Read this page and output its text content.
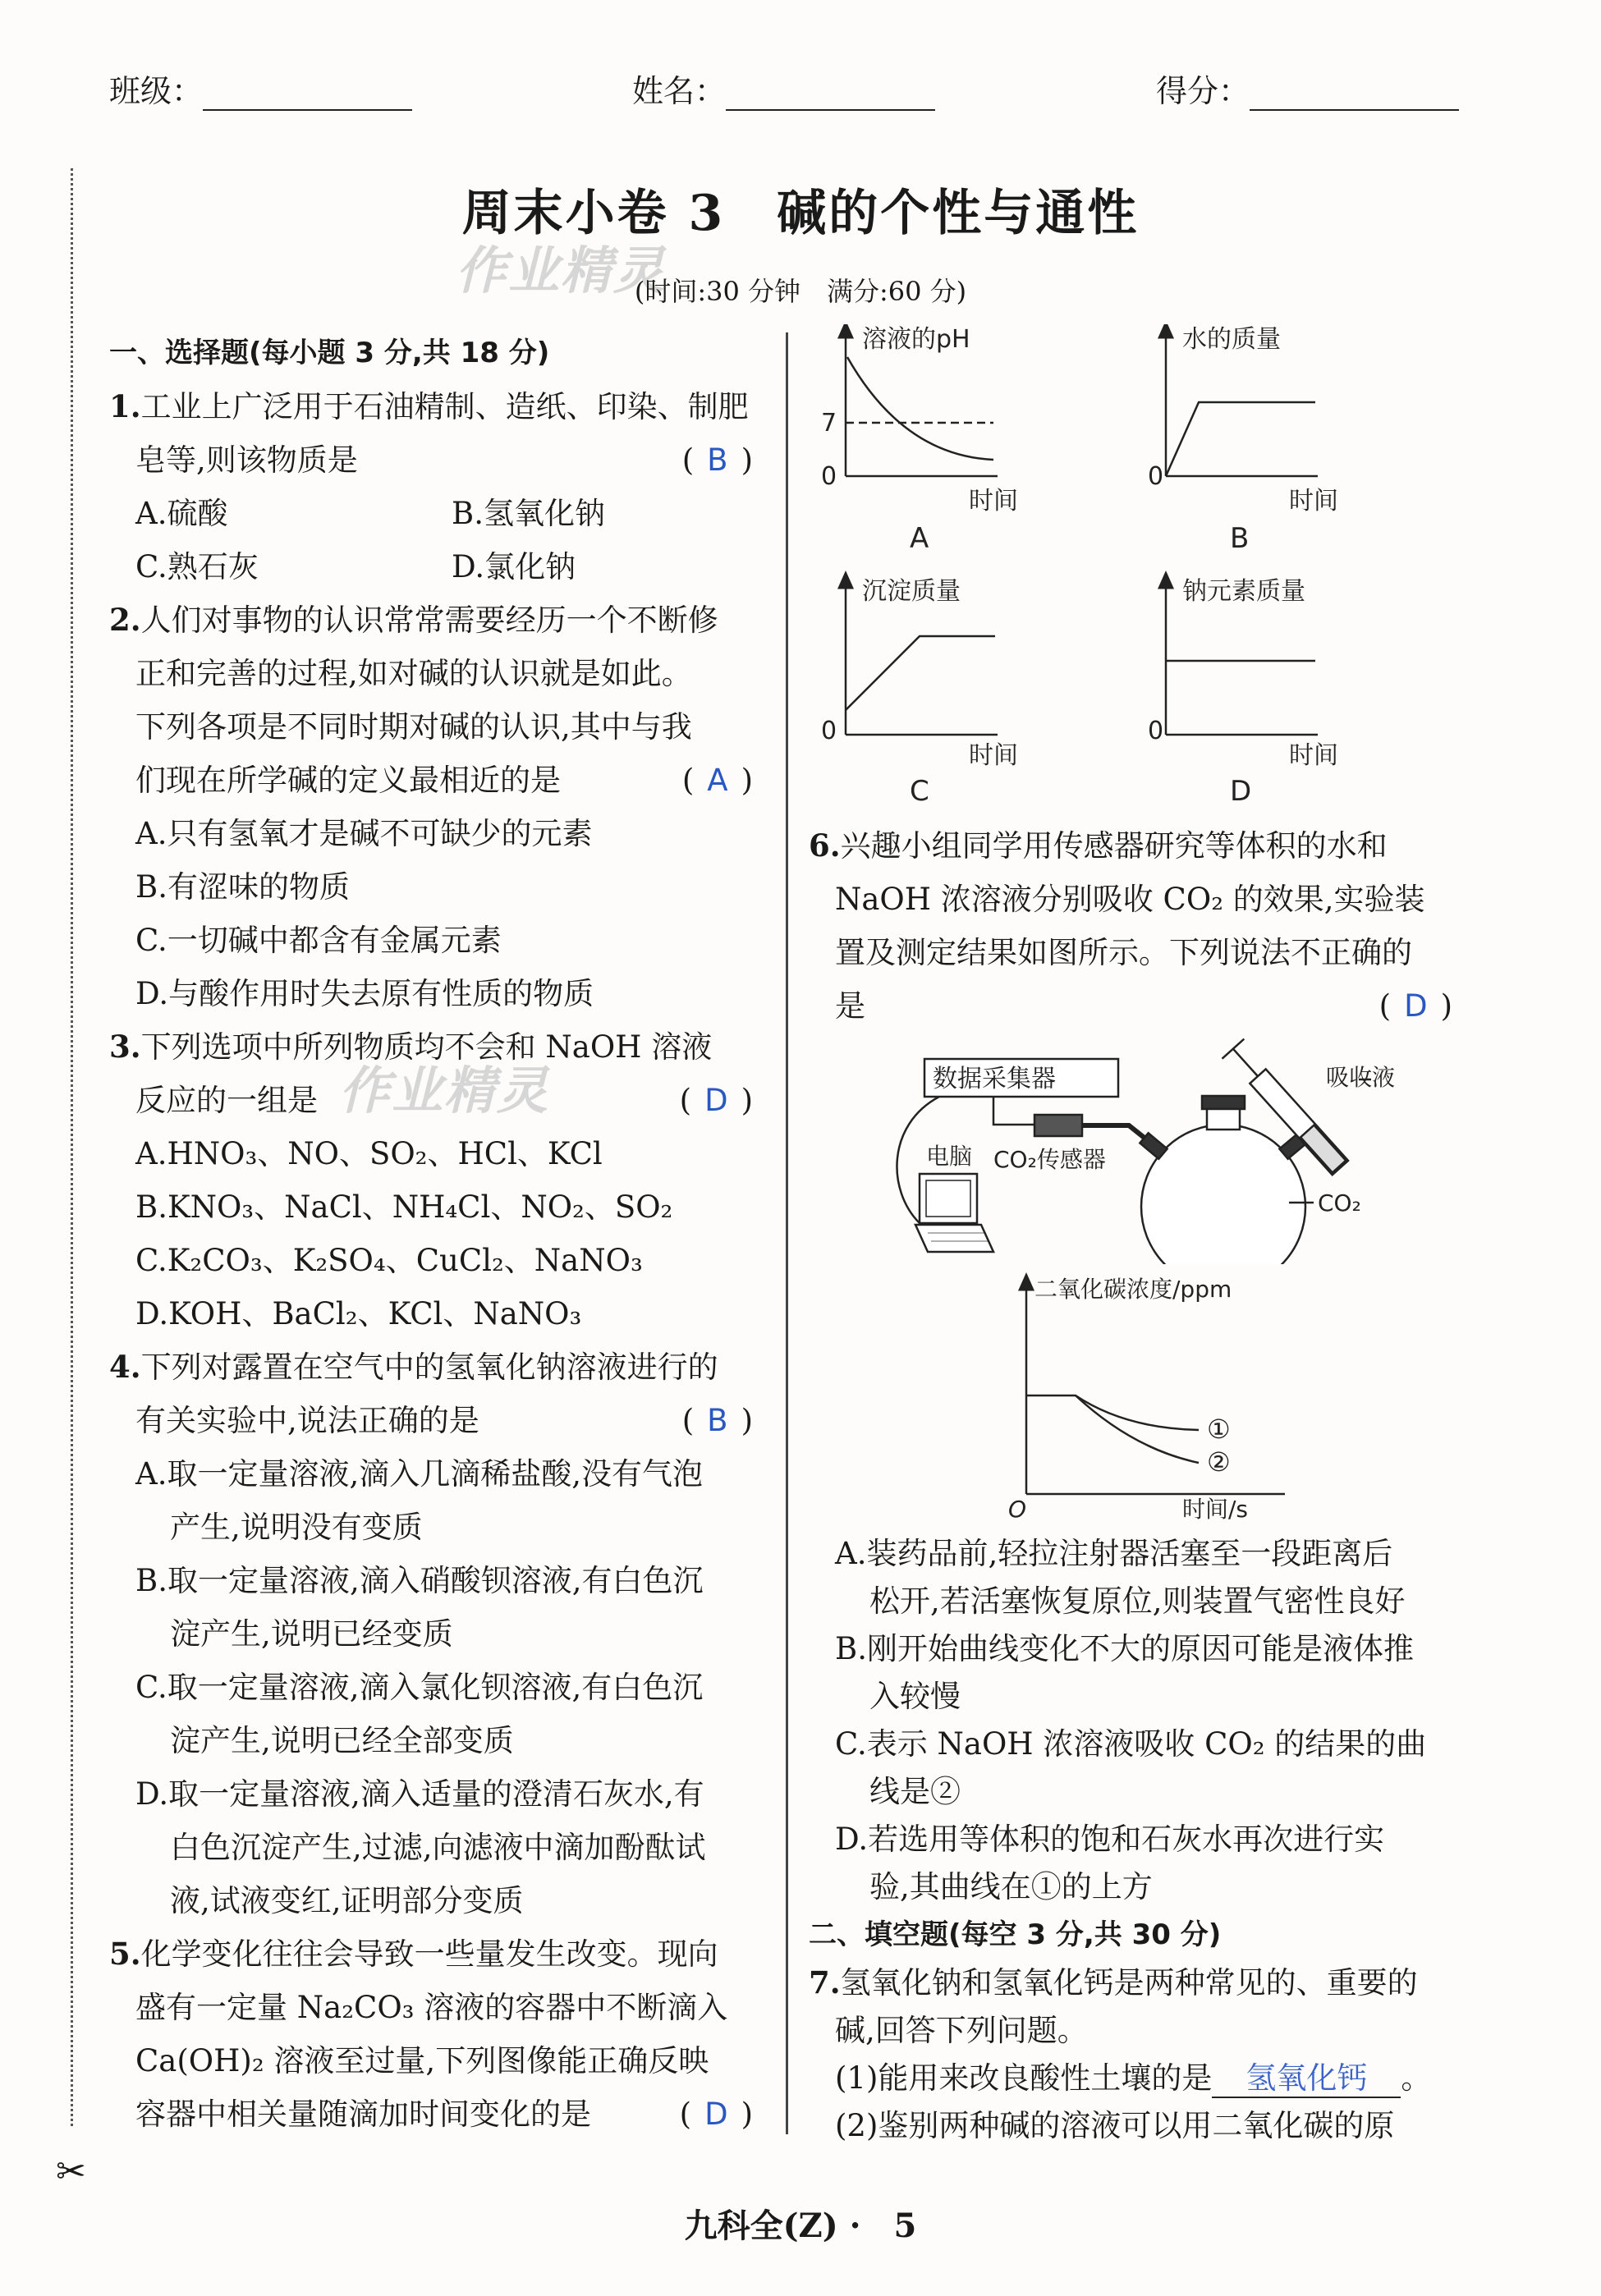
班级：	姓名：	得分：
✂
周末小卷 3　碱的个性与通性
作业精灵
(时间:30 分钟　满分:60 分)
一、选择题(每小题 3 分,共 18 分)
1.工业上广泛用于石油精制、造纸、印染、制肥
皂等,则该物质是	( B )
A.硫酸	B.氢氧化钠
C.熟石灰	D.氯化钠
2.人们对事物的认识常常需要经历一个不断修
正和完善的过程,如对碱的认识就是如此。
下列各项是不同时期对碱的认识,其中与我
们现在所学碱的定义最相近的是	( A )
A.只有氢氧才是碱不可缺少的元素
B.有涩味的物质
C.一切碱中都含有金属元素
D.与酸作用时失去原有性质的物质
3.下列选项中所列物质均不会和 NaOH 溶液
反应的一组是 作业精灵	( D )
A.HNO₃、NO、SO₂、HCl、KCl
B.KNO₃、NaCl、NH₄Cl、NO₂、SO₂
C.K₂CO₃、K₂SO₄、CuCl₂、NaNO₃
D.KOH、BaCl₂、KCl、NaNO₃
4.下列对露置在空气中的氢氧化钠溶液进行的
有关实验中,说法正确的是	( B )
A.取一定量溶液,滴入几滴稀盐酸,没有气泡
产生,说明没有变质
B.取一定量溶液,滴入硝酸钡溶液,有白色沉
淀产生,说明已经变质
C.取一定量溶液,滴入氯化钡溶液,有白色沉
淀产生,说明已经全部变质
D.取一定量溶液,滴入适量的澄清石灰水,有
白色沉淀产生,过滤,向滤液中滴加酚酞试
液,试液变红,证明部分变质
5.化学变化往往会导致一些量发生改变。现向
盛有一定量 Na₂CO₃ 溶液的容器中不断滴入
Ca(OH)₂ 溶液至过量,下列图像能正确反映
容器中相关量随滴加时间变化的是	( D )
溶液的pH
7
0
时间
A
水的质量
0
时间
B
沉淀质量
0
时间
C
钠元素质量
0
时间
D
6.兴趣小组同学用传感器研究等体积的水和
NaOH 浓溶液分别吸收 CO₂ 的效果,实验装
置及测定结果如图所示。下列说法不正确的
是	( D )
数据采集器
电脑 CO₂传感器
吸收液
CO₂
二氧化碳浓度/ppm
O	时间/s
①
②
A.装药品前,轻拉注射器活塞至一段距离后
松开,若活塞恢复原位,则装置气密性良好
B.刚开始曲线变化不大的原因可能是液体推
入较慢
C.表示 NaOH 浓溶液吸收 CO₂ 的结果的曲
线是②
D.若选用等体积的饱和石灰水再次进行实
验,其曲线在①的上方
二、填空题(每空 3 分,共 30 分)
7.氢氧化钠和氢氧化钙是两种常见的、重要的
碱,回答下列问题。
(1)能用来改良酸性土壤的是 氢氧化钙 。
(2)鉴别两种碱的溶液可以用二氧化碳的原
九科全(Z) ·　5
